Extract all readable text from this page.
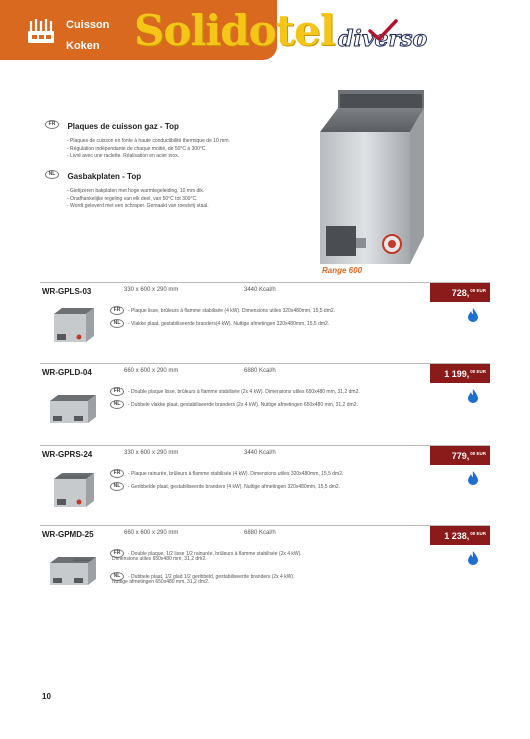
Cuisson
Koken Solidotel diverso
FR Plaques de cuisson gaz - Top
- Plaques de cuisson en fonte à haute conductibilité thermique de 10 mm.
- Régulation indépendante de chaque moitié, de 50°C à 300°C.
- Livré avec une raclette. Réalisation en acier inox.
NL Gasbakplaten - Top
- Gietijzeren bakplaten met hoge warmtegeleiding, 10 mm dik.
- Onafhankelijke regeling van elk deel, van 50°C tot 300°C.
- Wordt geleverd met een schraper. Gemaakt van roestvrij staal.
Range 600
WR-GPLS-03	330 x 600 x 290 mm	3440 Kcal/h	728,$^{00 EUR}$
FR - Plaque lisse, brûleurs à flamme stabilisée (4 kW). Dimensions utiles 320x480mm, 15,5 dm2.
NL - Vlakke plaat, gestabiliseerde branders(4 kW). Nuttige afmetingen 320x480mm, 15,5 dm2.
WR-GPLD-04	660 x 600 x 290 mm	6880 Kcal/h	1 199,$^{00 EUR}$
FR - Double plaque lisse, brûleurs à flamme stabilisée (2x 4 kW). Dimensions utiles 650x480 mm, 31,2 dm2.
NL - Dubbele vlakke plaat, gestabiliseerde branders (2x 4 kW). Nuttige afmetingen 650x480 mm, 31,2 dm2.
WR-GPRS-24	330 x 600 x 290 mm	3440 Kcal/h	779,$^{00 EUR}$
FR - Plaque rainurée, brûleurs à flamme stabilisée (4 kW). Dimensions utiles 320x480mm, 15,5 dm2.
NL - Geribbelde plaat, gestabiliseerde branders (4 kW). Nuttige afmetingen 320x480mm, 15,5 dm2.
WR-GPMD-25	660 x 600 x 290 mm	6880 Kcal/h	1 238,$^{00 EUR}$
FR - Double plaque, 1/2 lisse 1/2 rainurée, brûleurs à flamme stabilisée (2x 4 kW).
Dimensions utiles 650x480 mm, 31,2 dm2.
NL - Dubbele plaat, 1/2 glad 1/2 geribbeld, gestabiliseerde branders (2x 4 kW).
Nuttige afmetingen 650x480 mm, 31,2 dm2.
10
